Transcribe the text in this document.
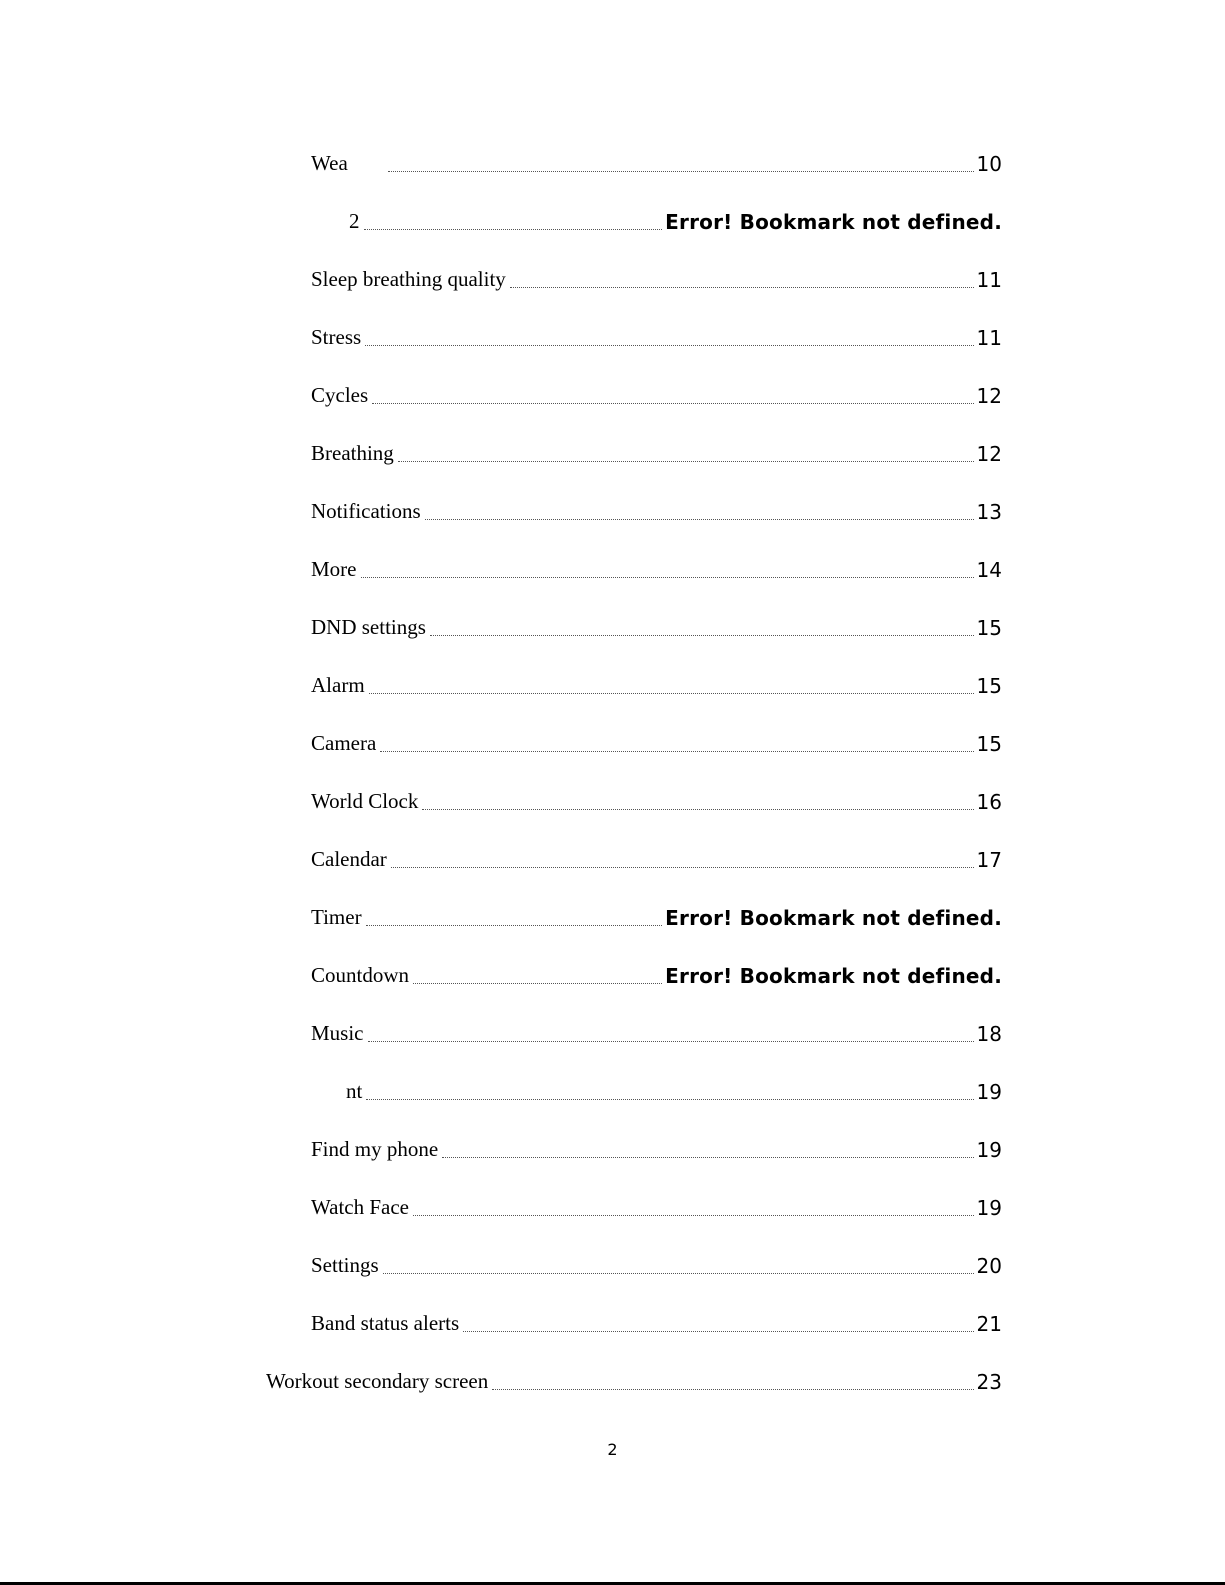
Wea	10
2	Error! Bookmark not defined.
Sleep breathing quality	11
Stress	11
Cycles	12
Breathing	12
Notifications	13
More	14
DND settings	15
Alarm	15
Camera	15
World Clock	16
Calendar	17
Timer	Error! Bookmark not defined.
Countdown	Error! Bookmark not defined.
Music	18
nt	19
Find my phone	19
Watch Face	19
Settings	20
Band status alerts	21
Workout secondary screen	23
2
